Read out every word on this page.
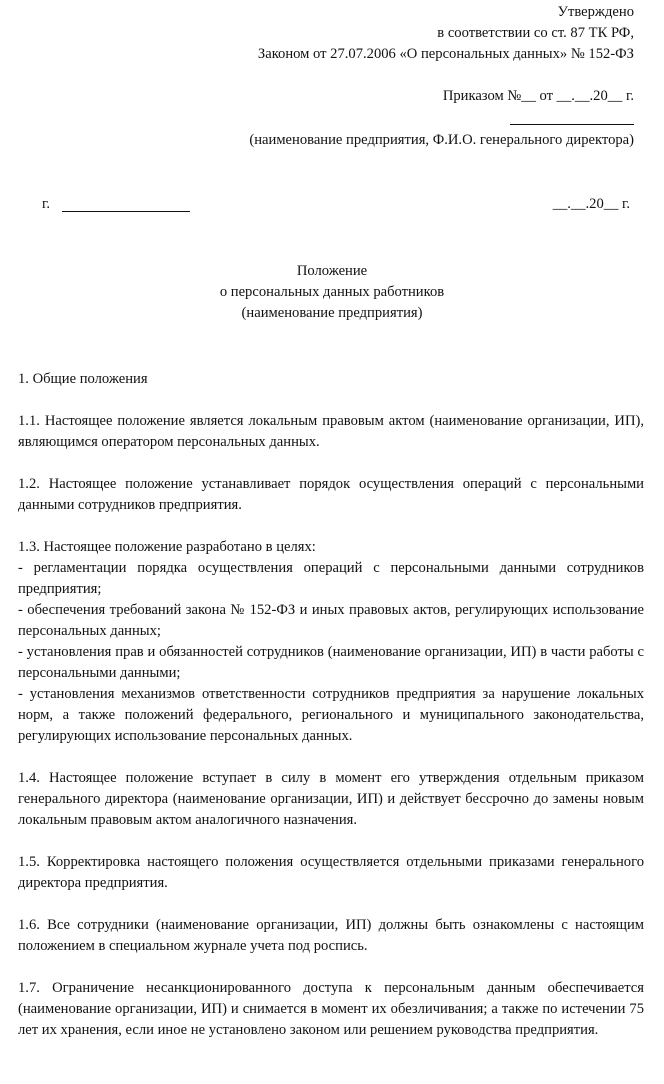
Утверждено
в соответствии со ст. 87 ТК РФ,
Законом от 27.07.2006 «О персональных данных» № 152-ФЗ

Приказом №__ от __.__.20__ г.
(наименование предприятия, Ф.И.О. генерального директора)
г.	__.__.20__ г.
Положение
о персональных данных работников
(наименование предприятия)

1. Общие положения

1.1. Настоящее положение является локальным правовым актом (наименование организации, ИП), являющимся оператором персональных данных.

1.2. Настоящее положение устанавливает порядок осуществления операций с персональными данными сотрудников предприятия.

1.3. Настоящее положение разработано в целях:

- регламентации порядка осуществления операций с персональными данными сотрудников предприятия;

- обеспечения требований закона № 152-ФЗ и иных правовых актов, регулирующих использование персональных данных;

- установления прав и обязанностей сотрудников (наименование организации, ИП) в части работы с персональными данными;

- установления механизмов ответственности сотрудников предприятия за нарушение локальных норм, а также положений федерального, регионального и муниципального законодательства, регулирующих использование персональных данных.

1.4. Настоящее положение вступает в силу в момент его утверждения отдельным приказом генерального директора (наименование организации, ИП) и действует бессрочно до замены новым локальным правовым актом аналогичного назначения.

1.5. Корректировка настоящего положения осуществляется отдельными приказами генерального директора предприятия.

1.6. Все сотрудники (наименование организации, ИП) должны быть ознакомлены с настоящим положением в специальном журнале учета под роспись.

1.7. Ограничение несанкционированного доступа к персональным данным обеспечивается (наименование организации, ИП) и снимается в момент их обезличивания; а также по истечении 75 лет их хранения, если иное не установлено законом или решением руководства предприятия.
